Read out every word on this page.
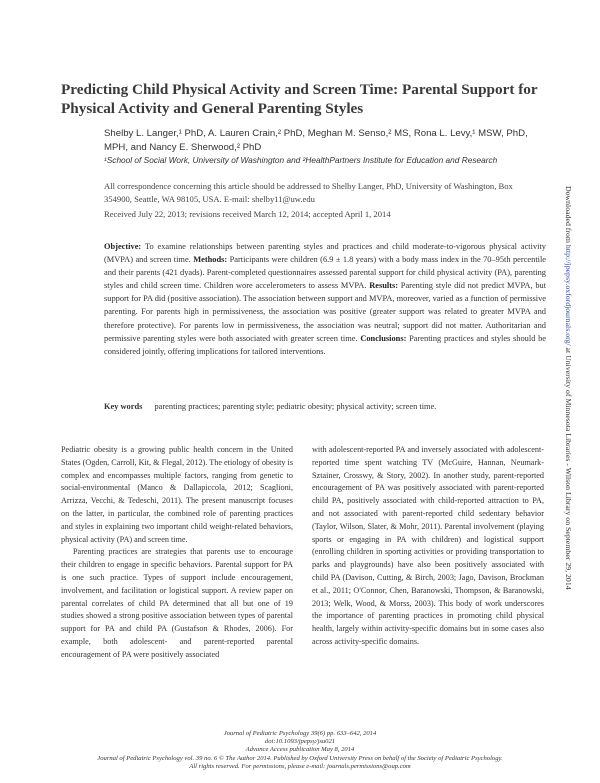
Predicting Child Physical Activity and Screen Time: Parental Support for Physical Activity and General Parenting Styles
Shelby L. Langer,¹ PhD, A. Lauren Crain,² PhD, Meghan M. Senso,² MS, Rona L. Levy,¹ MSW, PhD,
MPH, and Nancy E. Sherwood,² PhD
¹School of Social Work, University of Washington and ²HealthPartners Institute for Education and Research
All correspondence concerning this article should be addressed to Shelby Langer, PhD, University of Washington, Box 354900, Seattle, WA 98105, USA. E-mail: shelby11@uw.edu
Received July 22, 2013; revisions received March 12, 2014; accepted April 1, 2014
Objective: To examine relationships between parenting styles and practices and child moderate-to-vigorous physical activity (MVPA) and screen time. Methods: Participants were children (6.9 ± 1.8 years) with a body mass index in the 70–95th percentile and their parents (421 dyads). Parent-completed questionnaires assessed parental support for child physical activity (PA), parenting styles and child screen time. Children wore accelerometers to assess MVPA. Results: Parenting style did not predict MVPA, but support for PA did (positive association). The association between support and MVPA, moreover, varied as a function of permissive parenting. For parents high in permissiveness, the association was positive (greater support was related to greater MVPA and therefore protective). For parents low in permissiveness, the association was neutral; support did not matter. Authoritarian and permissive parenting styles were both associated with greater screen time. Conclusions: Parenting practices and styles should be considered jointly, offering implications for tailored interventions.
Key words parenting practices; parenting style; pediatric obesity; physical activity; screen time.

Pediatric obesity is a growing public health concern in the United States (Ogden, Carroll, Kit, & Flegal, 2012). The etiology of obesity is complex and encompasses multiple factors, ranging from genetic to social-environmental (Manco & Dallapiccola, 2012; Scaglioni, Arrizza, Vecchi, & Tedeschi, 2011). The present manuscript focuses on the latter, in particular, the combined role of parenting practices and styles in explaining two important child weight-related behaviors, physical activity (PA) and screen time.

Parenting practices are strategies that parents use to encourage their children to engage in specific behaviors. Parental support for PA is one such practice. Types of support include encouragement, involvement, and facilitation or logistical support. A review paper on parental correlates of child PA determined that all but one of 19 studies showed a strong positive association between types of parental support for PA and child PA (Gustafson & Rhodes, 2006). For example, both adolescent- and parent-reported parental encouragement of PA were positively associated

with adolescent-reported PA and inversely associated with adolescent-reported time spent watching TV (McGuire, Hannan, Neumark-Sztainer, Crosswy, & Story, 2002). In another study, parent-reported encouragement of PA was positively associated with parent-reported child PA, positively associated with child-reported attraction to PA, and not associated with parent-reported child sedentary behavior (Taylor, Wilson, Slater, & Mohr, 2011). Parental involvement (playing sports or engaging in PA with children) and logistical support (enrolling children in sporting activities or providing transportation to parks and playgrounds) have also been positively associated with child PA (Davison, Cutting, & Birch, 2003; Jago, Davison, Brockman et al., 2011; O'Connor, Chen, Baranowski, Thompson, & Baranowski, 2013; Welk, Wood, & Morss, 2003). This body of work underscores the importance of parenting practices in promoting child physical health, largely within activity-specific domains but in some cases also across activity-specific domains.

Journal of Pediatric Psychology 39(6) pp. 633–642, 2014
doi:10.1093/jpepsy/jsu021
Advance Access publication May 8, 2014
Journal of Pediatric Psychology vol. 39 no. 6 © The Author 2014. Published by Oxford University Press on behalf of the Society of Pediatric Psychology.
All rights reserved. For permissions, please e-mail: journals.permissions@oup.com
Downloaded from http://jpepsy.oxfordjournals.org/ at University of Minnesota Libraries - Wilson Library on September 29, 2014
